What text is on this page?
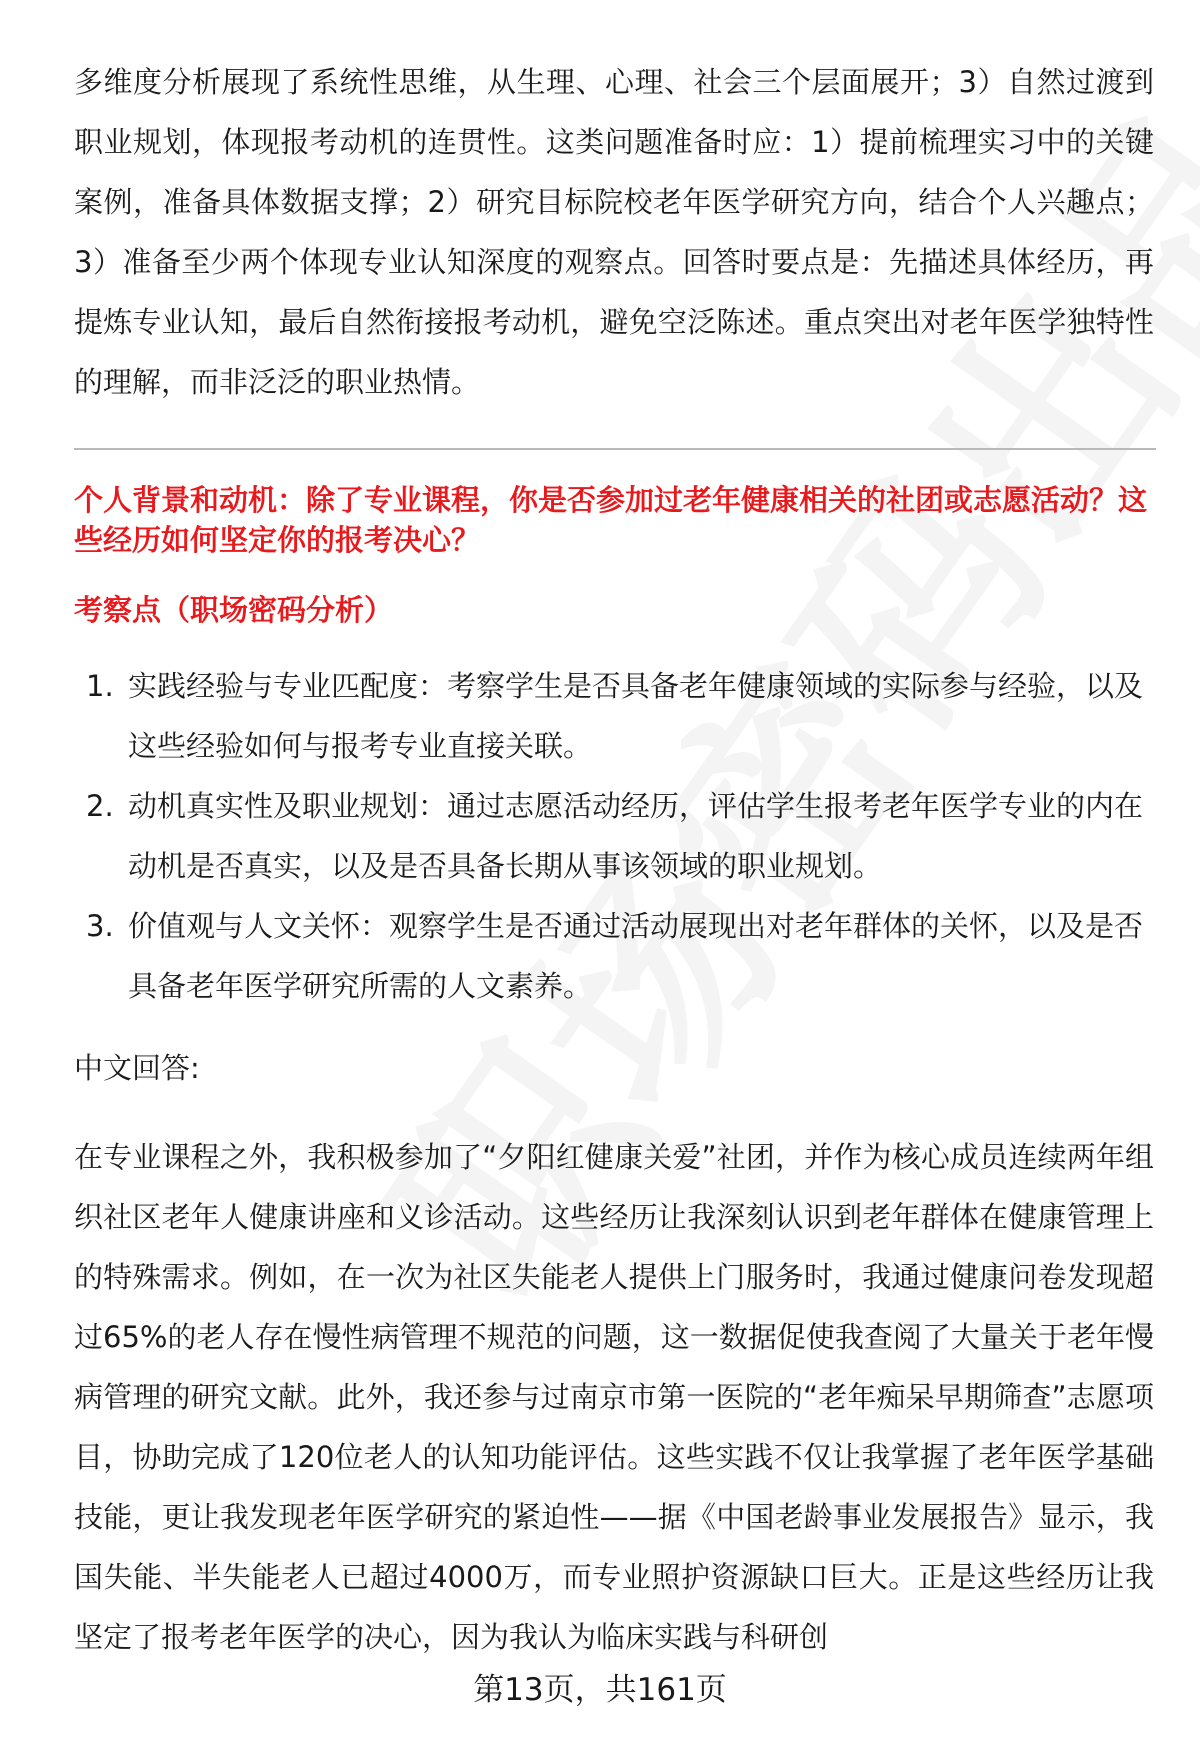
多维度分析展现了系统性思维，从生理、心理、社会三个层面展开；3）自然过渡到职业规划，体现报考动机的连贯性。这类问题准备时应：1）提前梳理实习中的关键案例，准备具体数据支撑；2）研究目标院校老年医学研究方向，结合个人兴趣点；3）准备至少两个体现专业认知深度的观察点。回答时要点是：先描述具体经历，再提炼专业认知，最后自然衔接报考动机，避免空泛陈述。重点突出对老年医学独特性的理解，而非泛泛的职业热情。

个人背景和动机：除了专业课程，你是否参加过老年健康相关的社团或志愿活动？这些经历如何坚定你的报考决心？
考察点（职场密码分析）
1. 实践经验与专业匹配度：考察学生是否具备老年健康领域的实际参与经验，以及这些经验如何与报考专业直接关联。
2. 动机真实性及职业规划：通过志愿活动经历，评估学生报考老年医学专业的内在动机是否真实，以及是否具备长期从事该领域的职业规划。
3. 价值观与人文关怀：观察学生是否通过活动展现出对老年群体的关怀，以及是否具备老年医学研究所需的人文素养。
中文回答:

在专业课程之外，我积极参加了“夕阳红健康关爱”社团，并作为核心成员连续两年组织社区老年人健康讲座和义诊活动。这些经历让我深刻认识到老年群体在健康管理上的特殊需求。例如，在一次为社区失能老人提供上门服务时，我通过健康问卷发现超过65%的老人存在慢性病管理不规范的问题，这一数据促使我查阅了大量关于老年慢病管理的研究文献。此外，我还参与过南京市第一医院的“老年痴呆早期筛查”志愿项目，协助完成了120位老人的认知功能评估。这些实践不仅让我掌握了老年医学基础技能，更让我发现老年医学研究的紧迫性——据《中国老龄事业发展报告》显示，我国失能、半失能老人已超过4000万，而专业照护资源缺口巨大。正是这些经历让我坚定了报考老年医学的决心，因为我认为临床实践与科研创

第13页，共161页
